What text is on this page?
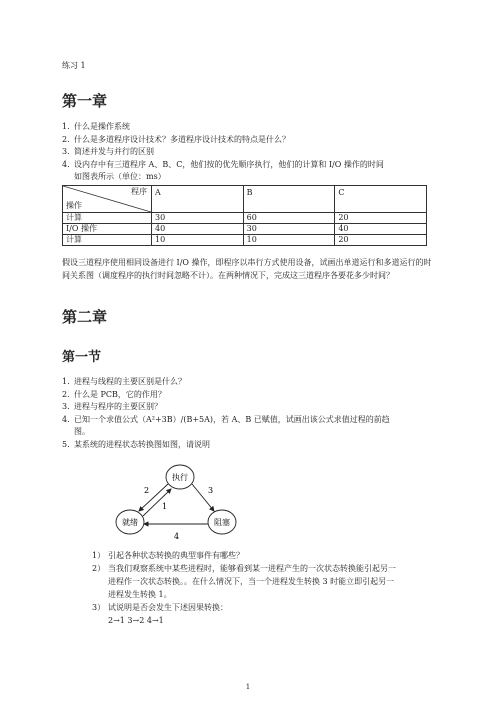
练习 1
第一章
1. 什么是操作系统
2. 什么是多道程序设计技术？多道程序设计技术的特点是什么？
3. 简述并发与并行的区别
4. 设内存中有三道程序 A、B、C，他们按的优先顺序执行，他们的计算和 I/O 操作的时间
如图表所示（单位：ms）
程序
操作	A	B	C
计算	30	60	20
I/O 操作	40	30	40
计算	10	10	20
假设三道程序使用相同设备进行 I/O 操作，即程序以串行方式使用设备，试画出单道运行和多道运行的时间关系图（调度程序的执行时间忽略不计）。在两种情况下，完成这三道程序各要花多少时间？
第二章
第一节
1. 进程与线程的主要区别是什么？
2. 什么是 PCB，它的作用？
3. 进程与程序的主要区别？
4. 已知一个求值公式（A²+3B）/(B+5A)，若 A、B 已赋值，试画出该公式求值过程的前趋
图。
5. 某系统的进程状态转换图如图，请说明
执行
就绪	阻塞
2	3
1
4
1） 引起各种状态转换的典型事件有哪些？
2） 当我们观察系统中某些进程时，能够看到某一进程产生的一次状态转换能引起另一
进程作一次状态转换。。在什么情况下，当一个进程发生转换 3 时能立即引起另一
进程发生转换 1。
3） 试说明是否会发生下述因果转换：
2→1 3→2 4→1
1
